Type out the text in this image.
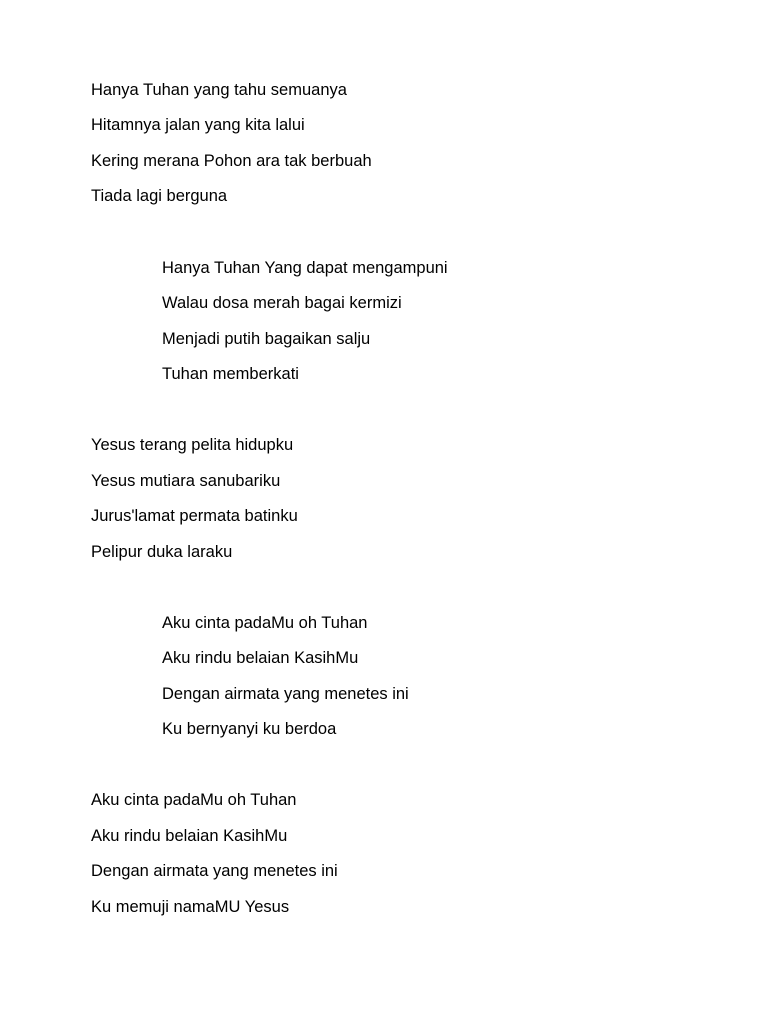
Hanya Tuhan yang tahu semuanya

Hitamnya jalan yang kita lalui

Kering merana Pohon ara tak berbuah

Tiada lagi berguna

Hanya Tuhan Yang dapat mengampuni

Walau dosa merah bagai kermizi

Menjadi putih bagaikan salju

Tuhan memberkati

Yesus terang pelita hidupku

Yesus mutiara sanubariku

Jurus'lamat permata batinku

Pelipur duka laraku

Aku cinta padaMu oh Tuhan

Aku rindu belaian KasihMu

Dengan airmata yang menetes ini

Ku bernyanyi ku berdoa

Aku cinta padaMu oh Tuhan

Aku rindu belaian KasihMu

Dengan airmata yang menetes ini

Ku memuji namaMU Yesus
